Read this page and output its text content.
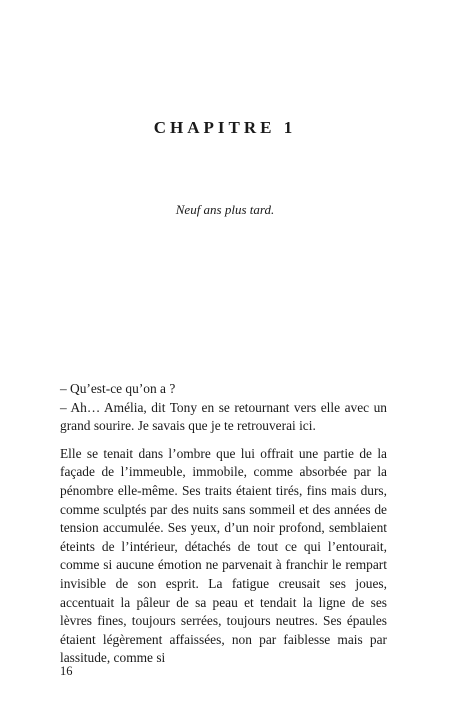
CHAPITRE 1

Neuf ans plus tard.

– Qu’est-ce qu’on a ?

– Ah… Amélia, dit Tony en se retournant vers elle avec un grand sourire. Je savais que je te retrouverai ici.

Elle se tenait dans l’ombre que lui offrait une partie de la façade de l’immeuble, immobile, comme absorbée par la pénombre elle-même. Ses traits étaient tirés, fins mais durs, comme sculptés par des nuits sans sommeil et des années de tension accumulée. Ses yeux, d’un noir profond, semblaient éteints de l’intérieur, détachés de tout ce qui l’entourait, comme si aucune émotion ne parvenait à franchir le rempart invisible de son esprit. La fatigue creusait ses joues, accentuait la pâleur de sa peau et tendait la ligne de ses lèvres fines, toujours serrées, toujours neutres. Ses épaules étaient légèrement affaissées, non par faiblesse mais par lassitude, comme si

16
